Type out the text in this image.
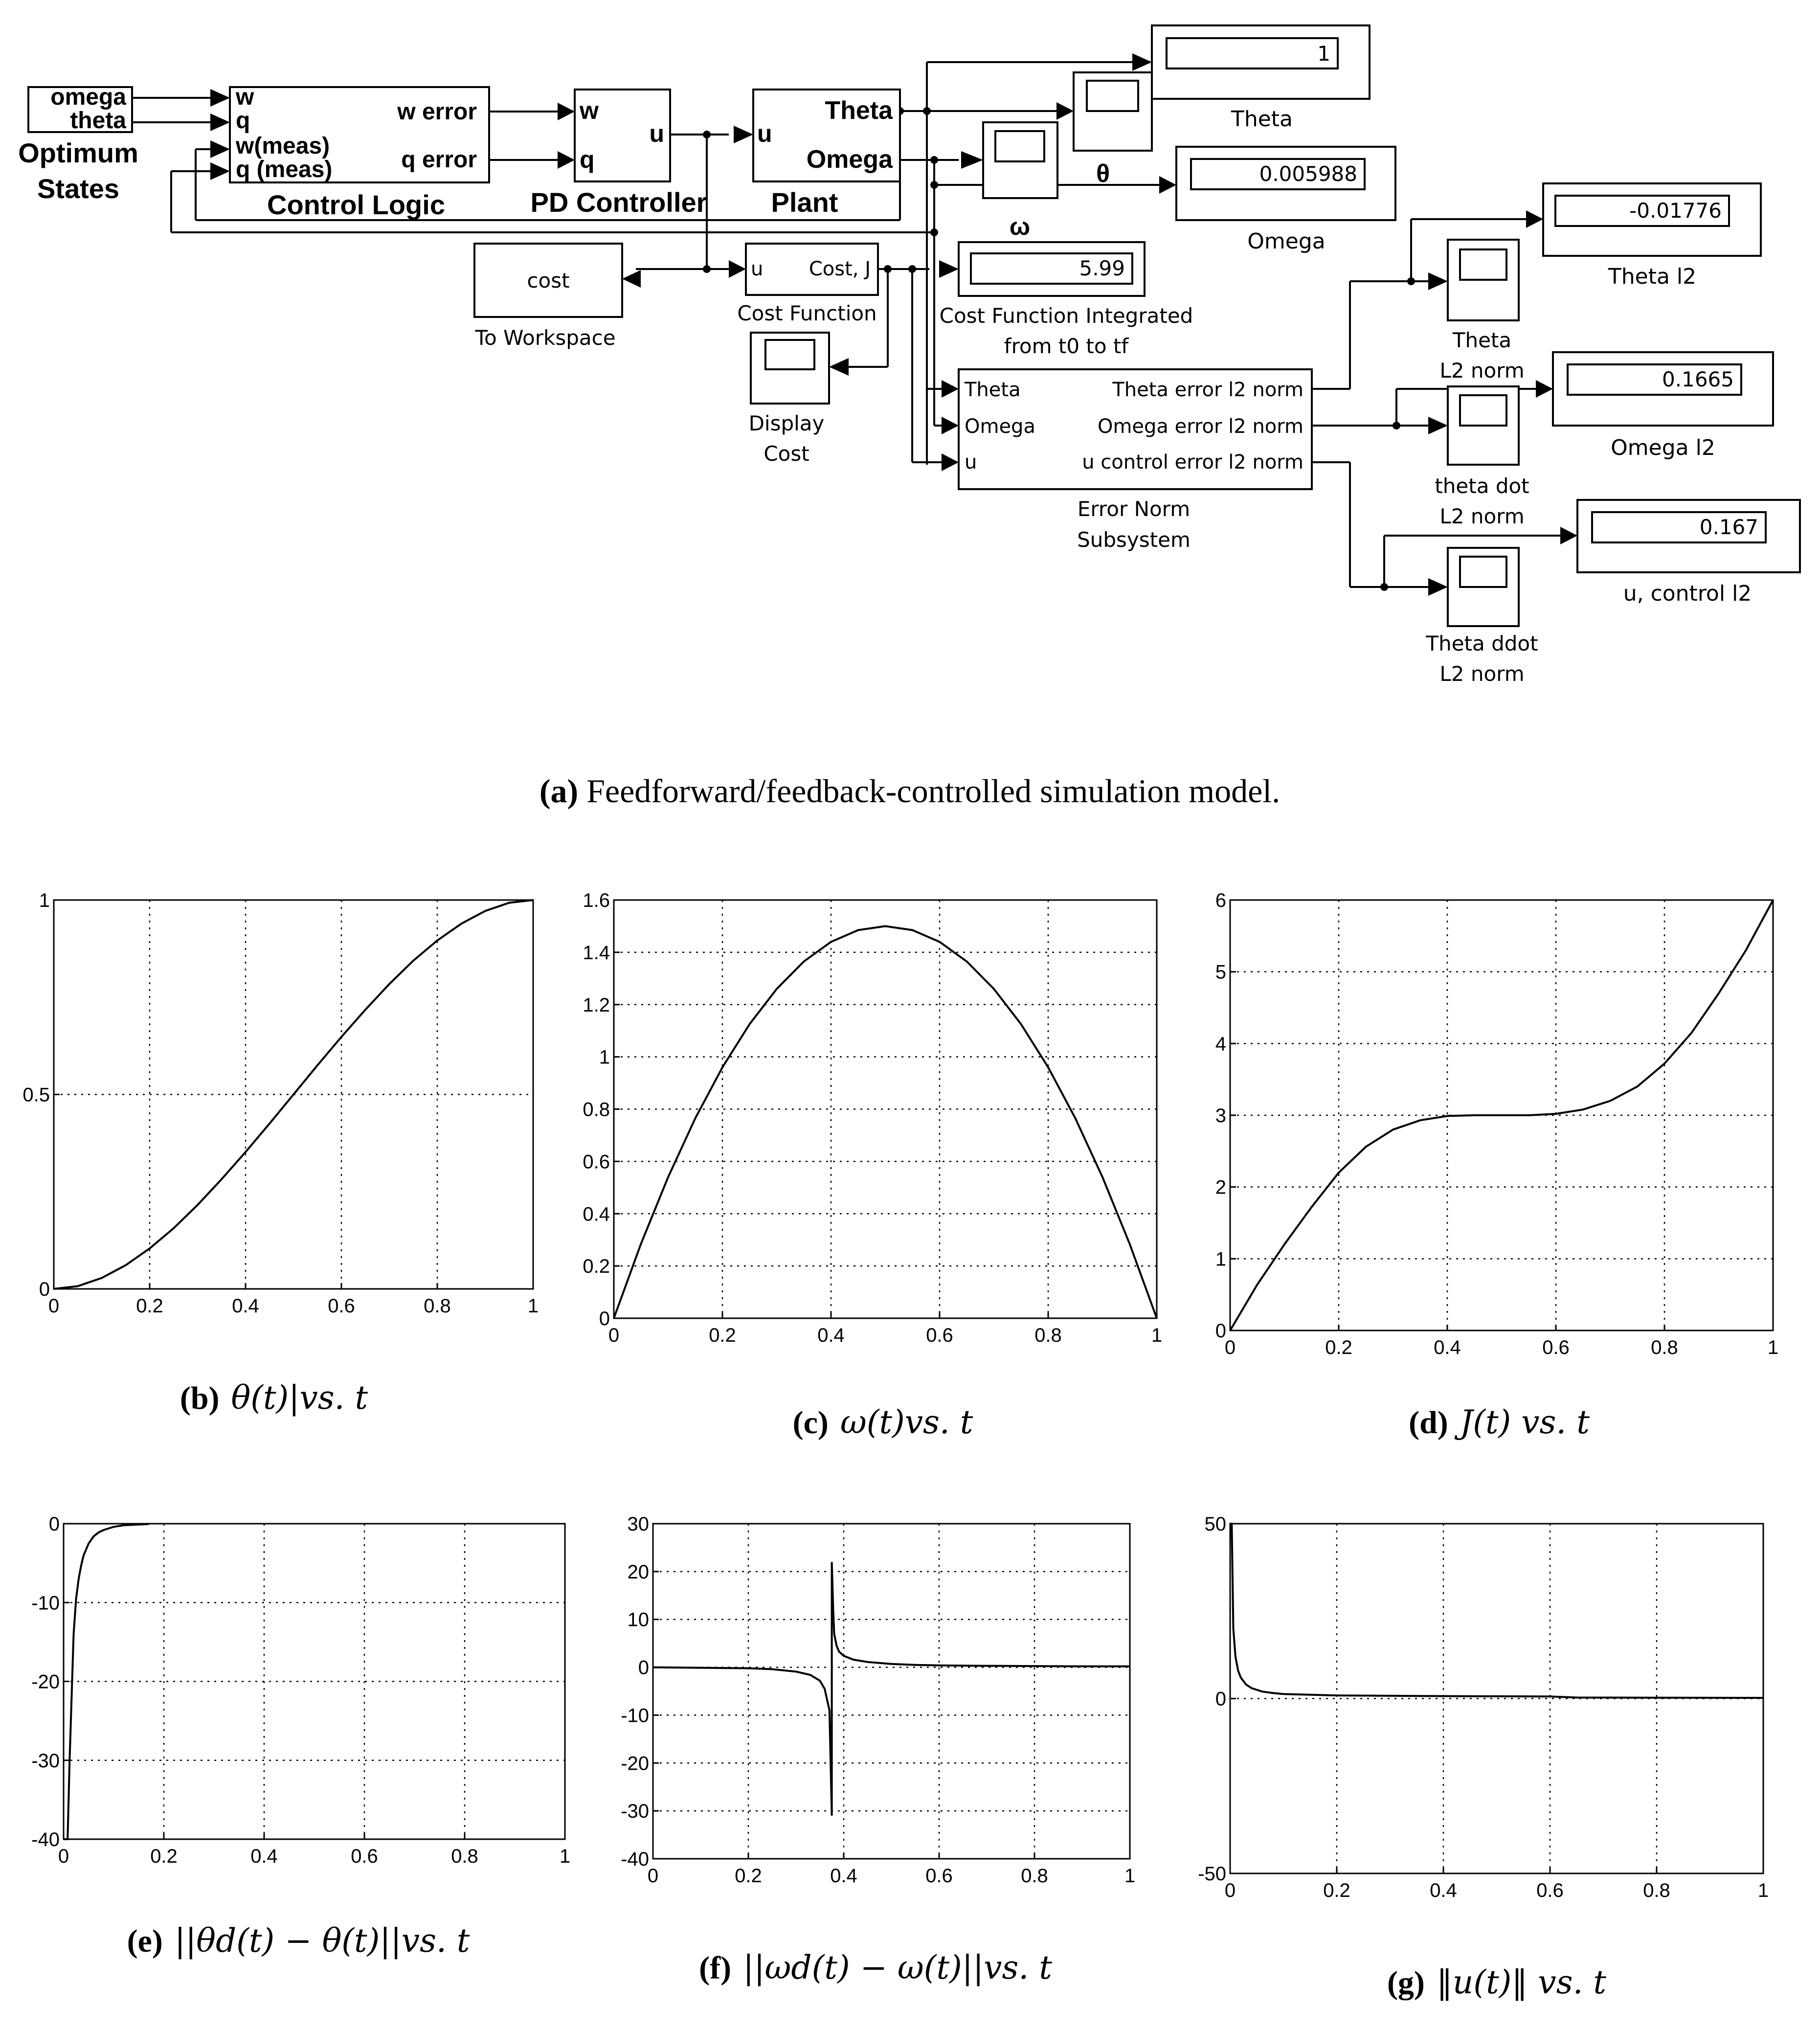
omega
theta
Optimum
States
w
q
w(meas)
q (meas)
w error
q error
Control Logic
w
q
u
PD Controller
u
Theta
Omega
Plant
cost
To Workspace
u Cost, J
Cost Function
Display
Cost
1
Theta
ω
θ	0.005988
Omega
5.99
Cost Function Integrated
from t0 to tf
Theta
Omega
u
Theta error l2 norm
Omega error l2 norm
u control error l2 norm
Error Norm
Subsystem
Theta
L2 norm
-0.01776
Theta l2
theta dot
L2 norm
0.1665
Omega l2
Theta ddot
L2 norm
0.167
u, control l2
(a) Feedforward/feedback-controlled simulation model.
0	0.2	0.4	0.6	0.8	1
0
0.5
1
(b) θ(t)|vs. t
0	0.2	0.4	0.6	0.8	1
0
0.2
0.4
0.6
0.8
1
1.2
1.4
1.6
(c) ω(t)vs. t
0	0.2	0.4	0.6	0.8	1
0
1
2
3
4
5
6
(d) J(t) vs. t
0	0.2	0.4	0.6	0.8	1
-40
-30
-20
-10
0
(e) ||θd(t) − θ(t)||vs. t
0	0.2	0.4	0.6	0.8	1
-40
-30
-20
-10
0
10
20
30
(f) ||ωd(t) − ω(t)||vs. t
0	0.2	0.4	0.6	0.8	1
-50
0
50
(g) ‖u(t)‖ vs. t
